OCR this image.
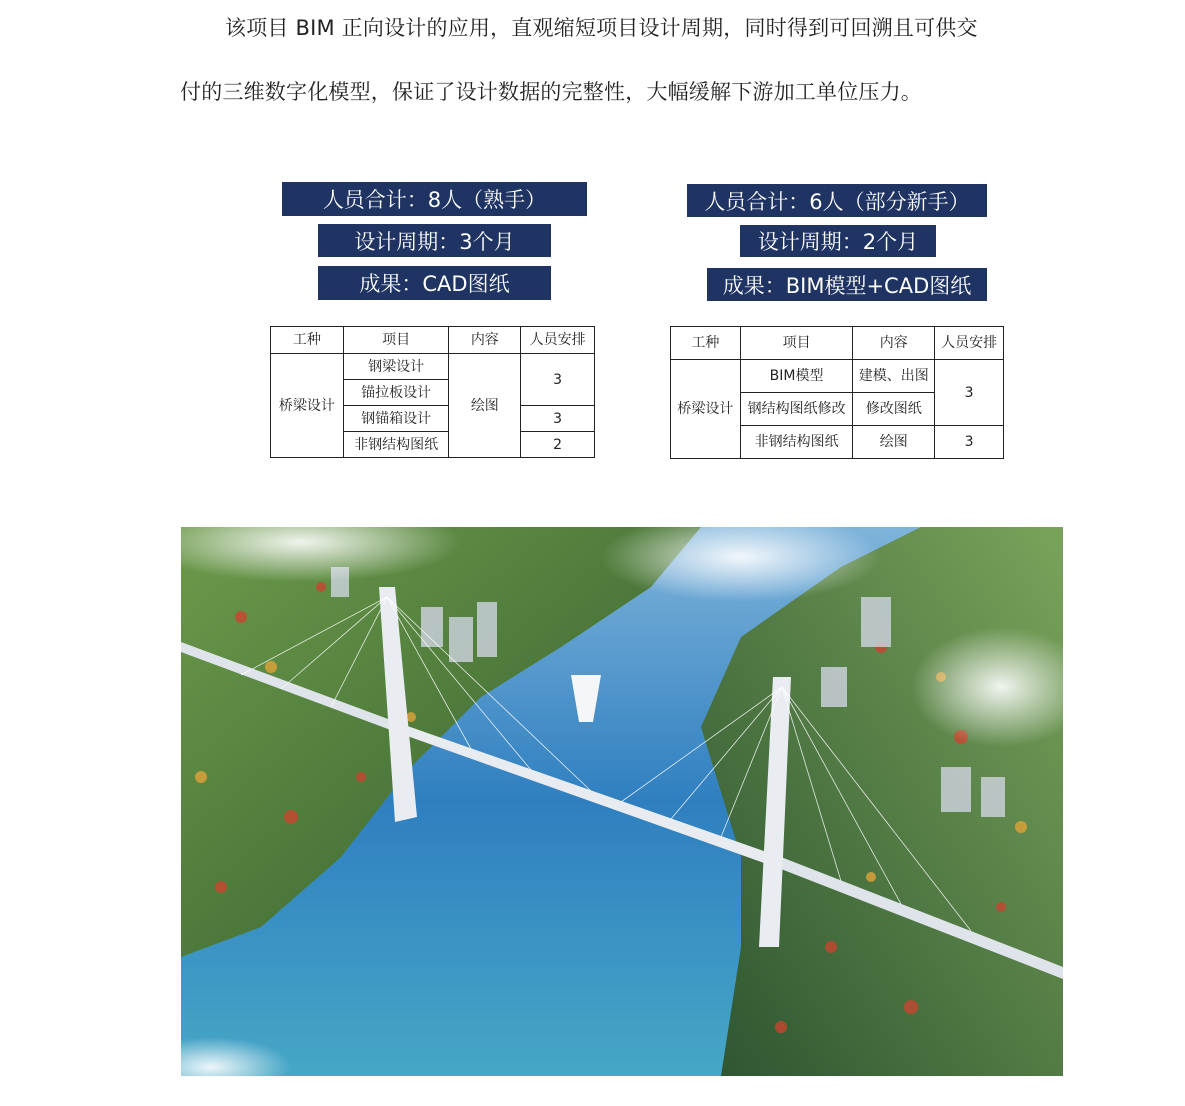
该项目 BIM 正向设计的应用，直观缩短项目设计周期，同时得到可回溯且可供交
付的三维数字化模型，保证了设计数据的完整性，大幅缓解下游加工单位压力。
人员合计：8人（熟手）
设计周期：3个月
成果：CAD图纸
人员合计：6人（部分新手）
设计周期：2个月
成果：BIM模型+CAD图纸
工种	项目	内容	人员安排
桥梁设计	钢梁设计	绘图	3
	锚拉板设计		
	钢锚箱设计		3
	非钢结构图纸		2
工种	项目	内容	人员安排
桥梁设计	BIM模型	建模、出图	3
	钢结构图纸修改	修改图纸	
	非钢结构图纸	绘图	3
